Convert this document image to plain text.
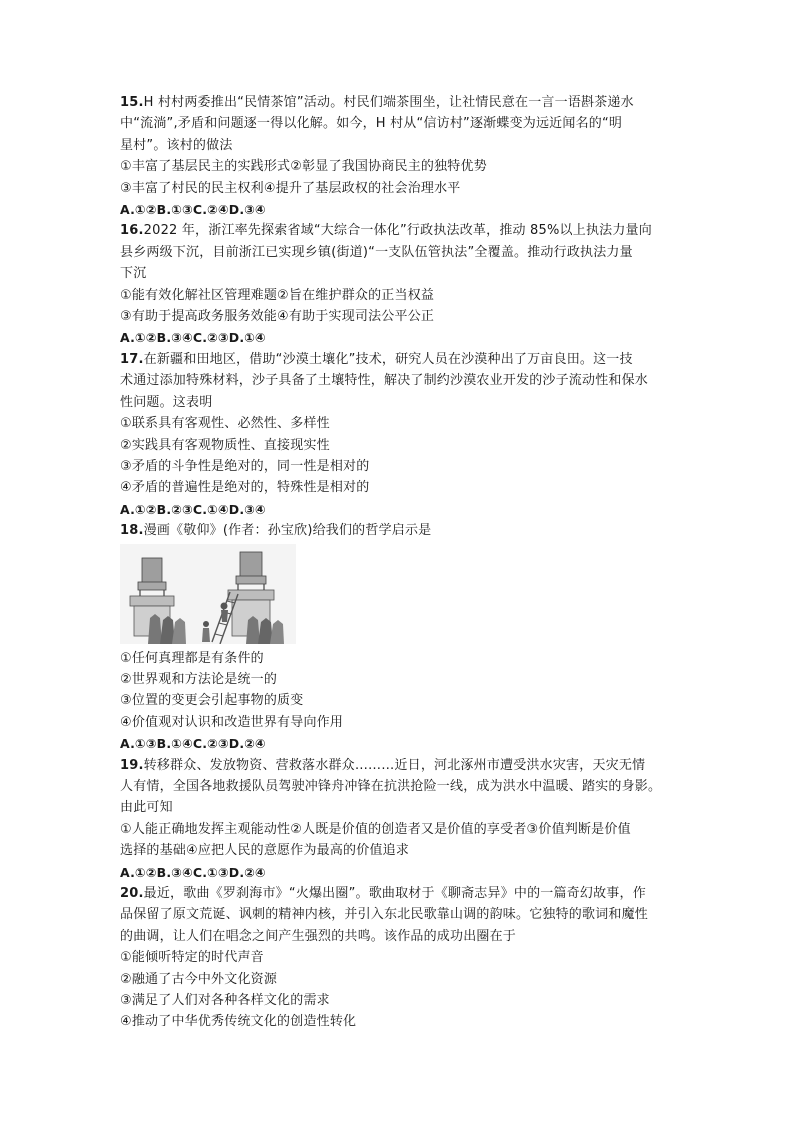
15.H 村村两委推出“民情茶馆”活动。村民们端茶围坐，让社情民意在一言一语斟茶递水
中“流淌”,矛盾和问题逐一得以化解。如今，H 村从“信访村”逐渐蝶变为远近闻名的“明
星村”。该村的做法
①丰富了基层民主的实践形式②彰显了我国协商民主的独特优势
③丰富了村民的民主权利④提升了基层政权的社会治理水平
A.①②B.①③C.②④D.③④
16.2022 年，浙江率先探索省域“大综合一体化”行政执法改革，推动 85%以上执法力量向
县乡两级下沉，目前浙江已实现乡镇(街道)“一支队伍管执法”全覆盖。推动行政执法力量
下沉
①能有效化解社区管理难题②旨在维护群众的正当权益
③有助于提高政务服务效能④有助于实现司法公平公正
A.①②B.③④C.②③D.①④
17.在新疆和田地区，借助“沙漠土壤化”技术，研究人员在沙漠种出了万亩良田。这一技
术通过添加特殊材料，沙子具备了土壤特性，解决了制约沙漠农业开发的沙子流动性和保水
性问题。这表明
①联系具有客观性、必然性、多样性
②实践具有客观物质性、直接现实性
③矛盾的斗争性是绝对的，同一性是相对的
④矛盾的普遍性是绝对的，特殊性是相对的
A.①②B.②③C.①④D.③④
18.漫画《敬仰》(作者：孙宝欣)给我们的哲学启示是
①任何真理都是有条件的
②世界观和方法论是统一的
③位置的变更会引起事物的质变
④价值观对认识和改造世界有导向作用
A.①③B.①④C.②③D.②④
19.转移群众、发放物资、营救落水群众………近日，河北涿州市遭受洪水灾害，天灾无情
人有情，全国各地救援队员驾驶冲锋舟冲锋在抗洪抢险一线，成为洪水中温暖、踏实的身影。
由此可知
①人能正确地发挥主观能动性②人既是价值的创造者又是价值的享受者③价值判断是价值
选择的基础④应把人民的意愿作为最高的价值追求
A.①②B.③④C.①③D.②④
20.最近，歌曲《罗刹海市》“火爆出圈”。歌曲取材于《聊斋志异》中的一篇奇幻故事，作
品保留了原文荒诞、讽刺的精神内核，并引入东北民歌靠山调的韵味。它独特的歌词和魔性
的曲调，让人们在唱念之间产生强烈的共鸣。该作品的成功出圈在于
①能倾听特定的时代声音
②融通了古今中外文化资源
③满足了人们对各种各样文化的需求
④推动了中华优秀传统文化的创造性转化
